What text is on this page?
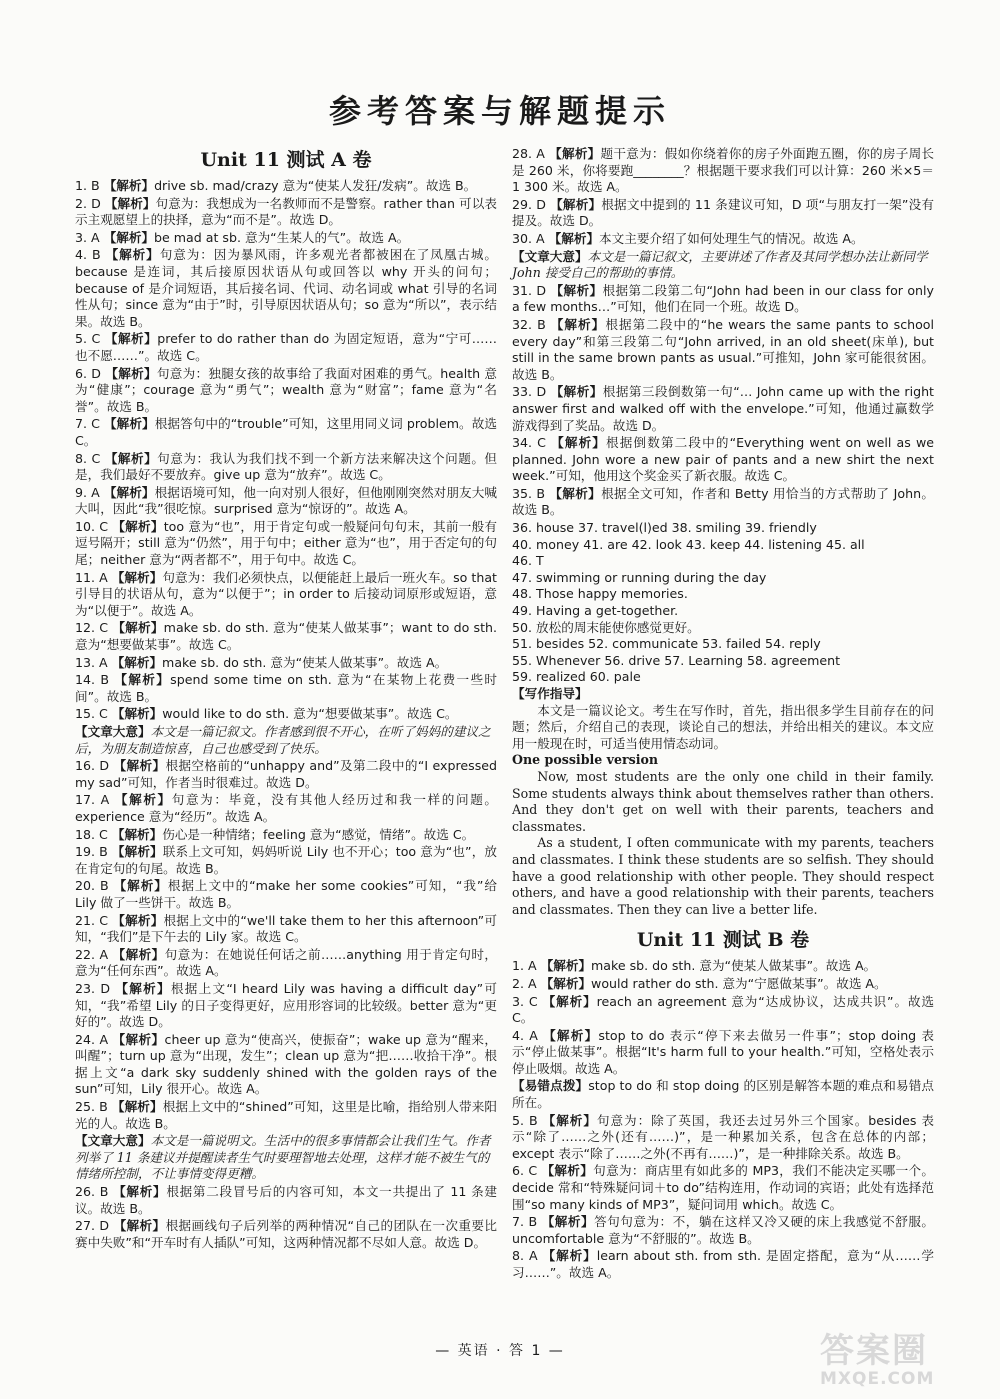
参考答案与解题提示
Unit 11 测试 A 卷
1. B 【解析】drive sb. mad/crazy 意为“使某人发狂/发病”。故选 B。
2. D 【解析】句意为：我想成为一名教师而不是警察。rather than 可以表示主观愿望上的抉择，意为“而不是”。故选 D。
3. A 【解析】be mad at sb. 意为“生某人的气”。故选 A。
4. B 【解析】句意为：因为暴风雨，许多观光者都被困在了凤凰古城。because 是连词，其后接原因状语从句或回答以 why 开头的问句；because of 是介词短语，其后接名词、代词、动名词或 what 引导的名词性从句；since 意为“由于”时，引导原因状语从句；so 意为“所以”，表示结果。故选 B。
5. C 【解析】prefer to do rather than do 为固定短语，意为“宁可……也不愿……”。故选 C。
6. D 【解析】句意为：独腿女孩的故事给了我面对困难的勇气。health 意为“健康”；courage 意为“勇气”；wealth 意为“财富”；fame 意为“名誉”。故选 B。
7. C 【解析】根据答句中的“trouble”可知，这里用同义词 problem。故选 C。
8. C 【解析】句意为：我认为我们找不到一个新方法来解决这个问题。但是，我们最好不要放弃。give up 意为“放弃”。故选 C。
9. A 【解析】根据语境可知，他一向对别人很好，但他刚刚突然对朋友大喊大叫，因此“我”很吃惊。surprised 意为“惊讶的”。故选 A。
10. C 【解析】too 意为“也”，用于肯定句或一般疑问句句末，其前一般有逗号隔开；still 意为“仍然”，用于句中；either 意为“也”，用于否定句的句尾；neither 意为“两者都不”，用于句中。故选 C。
11. A 【解析】句意为：我们必须快点，以便能赶上最后一班火车。so that 引导目的状语从句，意为“以便于”；in order to 后接动词原形或短语，意为“以便于”。故选 A。
12. C 【解析】make sb. do sth. 意为“使某人做某事”；want to do sth. 意为“想要做某事”。故选 C。
13. A 【解析】make sb. do sth. 意为“使某人做某事”。故选 A。
14. B 【解析】spend some time on sth. 意为“在某物上花费一些时间”。故选 B。
15. C 【解析】would like to do sth. 意为“想要做某事”。故选 C。
【文章大意】本文是一篇记叙文。作者感到很不开心，在听了妈妈的建议之后，为朋友制造惊喜，自己也感受到了快乐。
16. D 【解析】根据空格前的“unhappy and”及第二段中的“I expressed my sad”可知，作者当时很难过。故选 D。
17. A 【解析】句意为：毕竟，没有其他人经历过和我一样的问题。experience 意为“经历”。故选 A。
18. C 【解析】伤心是一种情绪；feeling 意为“感觉，情绪”。故选 C。
19. B 【解析】联系上文可知，妈妈听说 Lily 也不开心；too 意为“也”，放在肯定句的句尾。故选 B。
20. B 【解析】根据上文中的“make her some cookies”可知，“我”给 Lily 做了一些饼干。故选 B。
21. C 【解析】根据上文中的“we'll take them to her this afternoon”可知，“我们”是下午去的 Lily 家。故选 C。
22. A 【解析】句意为：在她说任何话之前……anything 用于肯定句时，意为“任何东西”。故选 A。
23. D 【解析】根据上文“I heard Lily was having a difficult day”可知，“我”希望 Lily 的日子变得更好，应用形容词的比较级。better 意为“更好的”。故选 D。
24. A 【解析】cheer up 意为“使高兴，使振奋”；wake up 意为“醒来，叫醒”；turn up 意为“出现，发生”；clean up 意为“把……收拾干净”。根据上文“a dark sky suddenly shined with the golden rays of the sun”可知，Lily 很开心。故选 A。
25. B 【解析】根据上文中的“shined”可知，这里是比喻，指给别人带来阳光的人。故选 B。
【文章大意】本文是一篇说明文。生活中的很多事情都会让我们生气。作者列举了 11 条建议并提醒读者生气时要理智地去处理，这样才能不被生气的情绪所控制，不让事情变得更糟。
26. B 【解析】根据第二段冒号后的内容可知，本文一共提出了 11 条建议。故选 B。
27. D 【解析】根据画线句子后列举的两种情况“自己的团队在一次重要比赛中失败”和“开车时有人插队”可知，这两种情况都不尽如人意。故选 D。
28. A 【解析】题干意为：假如你绕着你的房子外面跑五圈，你的房子周长是 260 米，你将要跑________？根据题干要求我们可以计算：260 米×5＝1 300 米。故选 A。
29. D 【解析】根据文中提到的 11 条建议可知，D 项“与朋友打一架”没有提及。故选 D。
30. A 【解析】本文主要介绍了如何处理生气的情况。故选 A。
【文章大意】本文是一篇记叙文，主要讲述了作者及其同学想办法让新同学 John 接受自己的帮助的事情。
31. D 【解析】根据第二段第二句“John had been in our class for only a few months…”可知，他们在同一个班。故选 D。
32. B 【解析】根据第二段中的“he wears the same pants to school every day”和第三段第二句“John arrived, in an old sheet(床单), but still in the same brown pants as usual.”可推知，John 家可能很贫困。故选 B。
33. D 【解析】根据第三段倒数第一句“… John came up with the right answer first and walked off with the envelope.”可知，他通过赢数学游戏得到了奖品。故选 D。
34. C 【解析】根据倒数第二段中的“Everything went on well as we planned. John wore a new pair of pants and a new shirt the next week.”可知，他用这个奖金买了新衣服。故选 C。
35. B 【解析】根据全文可知，作者和 Betty 用恰当的方式帮助了 John。故选 B。
36. house 37. travel(l)ed 38. smiling 39. friendly
40. money 41. are 42. look 43. keep 44. listening 45. all
46. T
47. swimming or running during the day
48. Those happy memories.
49. Having a get-together.
50. 放松的周末能使你感觉更好。
51. besides 52. communicate 53. failed 54. reply
55. Whenever 56. drive 57. Learning 58. agreement
59. realized 60. pale
【写作指导】
本文是一篇议论文。考生在写作时，首先，指出很多学生目前存在的问题；然后，介绍自己的表现，谈论自己的想法，并给出相关的建议。本文应用一般现在时，可适当使用情态动词。
One possible version

Now, most students are the only one child in their family. Some students always think about themselves rather than others. And they don't get on well with their parents, teachers and classmates.

As a student, I often communicate with my parents, teachers and classmates. I think these students are so selfish. They should have a good relationship with other people. They should respect others, and have a good relationship with their parents, teachers and classmates. Then they can live a better life.

Unit 11 测试 B 卷
1. A 【解析】make sb. do sth. 意为“使某人做某事”。故选 A。
2. A 【解析】would rather do sth. 意为“宁愿做某事”。故选 A。
3. C 【解析】reach an agreement 意为“达成协议，达成共识”。故选 C。
4. A 【解析】stop to do 表示“停下来去做另一件事”；stop doing 表示“停止做某事”。根据“It's harm full to your health.”可知，空格处表示停止吸烟。故选 A。
【易错点拨】stop to do 和 stop doing 的区别是解答本题的难点和易错点所在。
5. B 【解析】句意为：除了英国，我还去过另外三个国家。besides 表示“除了……之外(还有……)”，是一种累加关系，包含在总体的内部；except 表示“除了……之外(不再有……)”，是一种排除关系。故选 B。
6. C 【解析】句意为：商店里有如此多的 MP3，我们不能决定买哪一个。decide 常和“特殊疑问词＋to do”结构连用，作动词的宾语；此处有选择范围“so many kinds of MP3”，疑问词用 which。故选 C。
7. B 【解析】答句句意为：不，躺在这样又冷又硬的床上我感觉不舒服。uncomfortable 意为“不舒服的”。故选 B。
8. A 【解析】learn about sth. from sth. 是固定搭配，意为“从……学习……”。故选 A。
— 英语 · 答 1 —	答案圈
MXQE.COM
